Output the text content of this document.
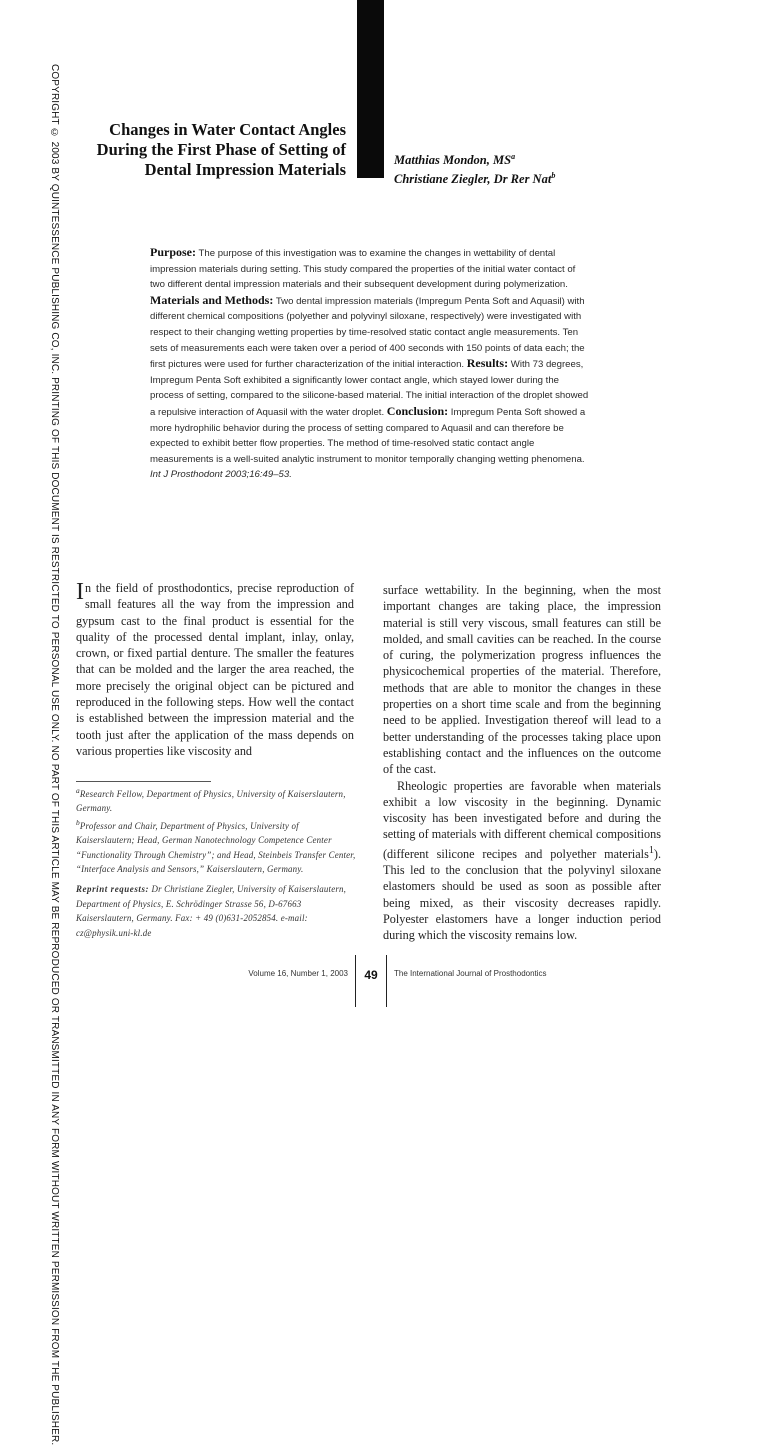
COPYRIGHT © 2003 BY QUINTESSENCE PUBLISHING CO, INC. PRINTING OF THIS DOCUMENT IS RESTRICTED TO PERSONAL USE ONLY. NO PART OF THIS ARTICLE MAY BE REPRODUCED OR TRANSMITTED IN ANY FORM WITHOUT WRITTEN PERMISSION FROM THE PUBLISHER.	Changes in Water Contact Angles
During the First Phase of Setting of
Dental Impression Materials	Matthias Mondon, $MS^a$
Christiane Ziegler, Dr Rer Nat$^b$
Purpose: The purpose of this investigation was to examine the changes in wettability of dental impression materials during setting. This study compared the properties of the initial water contact of two different dental impression materials and their subsequent development during polymerization. Materials and Methods: Two dental impression materials (Impregum Penta Soft and Aquasil) with different chemical compositions (polyether and polyvinyl siloxane, respectively) were investigated with respect to their changing wetting properties by time-resolved static contact angle measurements. Ten sets of measurements each were taken over a period of 400 seconds with 150 points of data each; the first pictures were used for further characterization of the initial interaction. Results: With 73 degrees, Impregum Penta Soft exhibited a significantly lower contact angle, which stayed lower during the process of setting, compared to the silicone-based material. The initial interaction of the droplet showed a repulsive interaction of Aquasil with the water droplet. Conclusion: Impregum Penta Soft showed a more hydrophilic behavior during the process of setting compared to Aquasil and can therefore be expected to exhibit better flow properties. The method of time-resolved static contact angle measurements is a well-suited analytic instrument to monitor temporally changing wetting phenomena. Int J Prosthodont 2003;16:49–53.
In the field of prosthodontics, precise reproduction of small features all the way from the impression and gypsum cast to the final product is essential for the quality of the processed dental implant, inlay, onlay, crown, or fixed partial denture. The smaller the features that can be molded and the larger the area reached, the more precisely the original object can be pictured and reproduced in the following steps. How well the contact is established between the impression material and the tooth just after the application of the mass depends on various properties like viscosity and

$^a$Research Fellow, Department of Physics, University of Kaiserslautern, Germany.

$^b$Professor and Chair, Department of Physics, University of Kaiserslautern; Head, German Nanotechnology Competence Center “Functionality Through Chemistry”; and Head, Steinbeis Transfer Center, “Interface Analysis and Sensors,” Kaiserslautern, Germany.

Reprint requests: Dr Christiane Ziegler, University of Kaiserslautern, Department of Physics, E. Schrödinger Strasse 56, D-67663 Kaiserslautern, Germany. Fax: + 49 (0)631-2052854. e-mail: cz@physik.uni-kl.de

surface wettability. In the beginning, when the most important changes are taking place, the impression material is still very viscous, small features can still be molded, and small cavities can be reached. In the course of curing, the polymerization progress influences the physicochemical properties of the material. Therefore, methods that are able to monitor the changes in these properties on a short time scale and from the beginning need to be applied. Investigation thereof will lead to a better understanding of the processes taking place upon establishing contact and the influences on the outcome of the cast.

Rheologic properties are favorable when materials exhibit a low viscosity in the beginning. Dynamic viscosity has been investigated before and during the setting of materials with different chemical compositions (different silicone recipes and polyether materials$^1$). This led to the conclusion that the polyvinyl siloxane elastomers should be used as soon as possible after being mixed, as their viscosity decreases rapidly. Polyester elastomers have a longer induction period during which the viscosity remains low.

Volume 16, Number 1, 2003	49	The International Journal of Prosthodontics
